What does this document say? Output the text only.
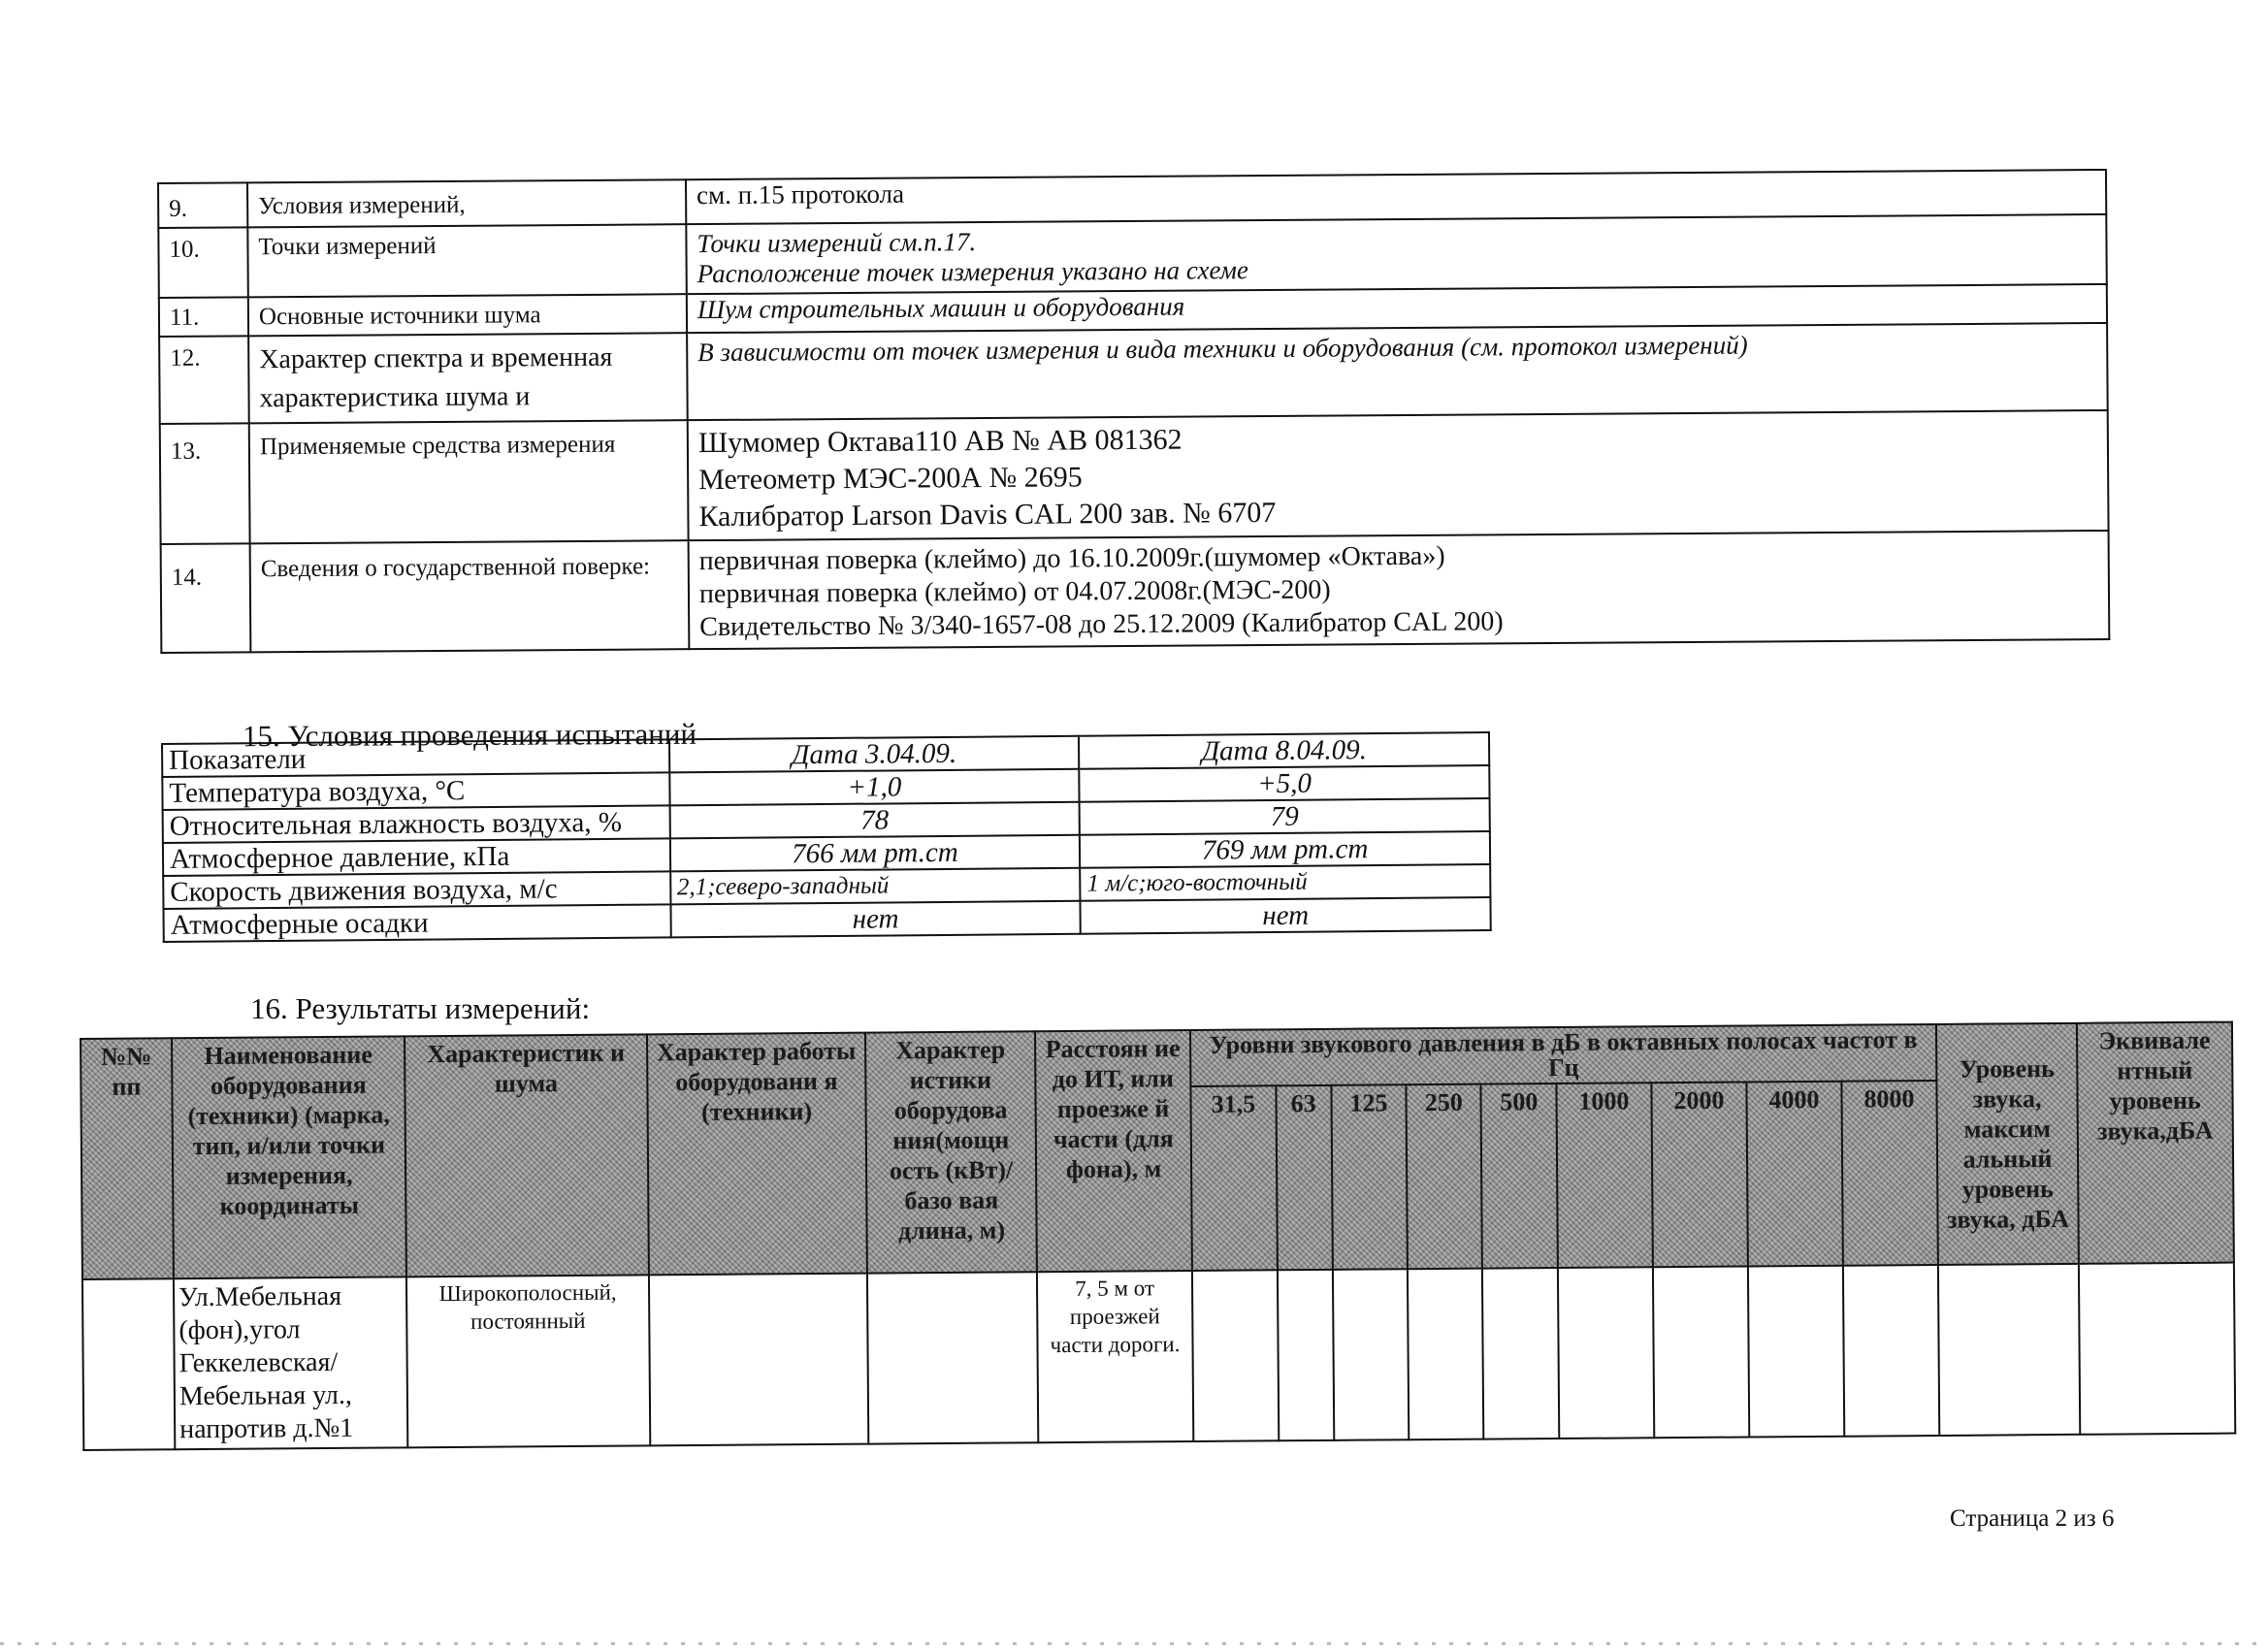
9.	Условия измерений,	см. п.15 протокола

10.	Точки измерений	Точки измерений см.п.17.
Расположение точек измерения указано на схеме

11.	Основные источники шума	Шум строительных машин и оборудования

12.	Характер спектра и временная характеристика шума и	В зависимости от точек измерения и вида техники и оборудования (см. протокол измерений)

13.	Применяемые средства измерения	Шумомер Октава110 АВ № АВ 081362
Метеометр МЭС-200А № 2695
Калибратор Larson Davis CAL 200 зав. № 6707

14.	Сведения о государственной поверке:	первичная поверка (клеймо) до 16.10.2009г.(шумомер «Октава»)
первичная поверка (клеймо) от 04.07.2008г.(МЭС-200)
Свидетельство № 3/340-1657-08 до 25.12.2009 (Калибратор CAL 200)
15. Условия проведения испытаний
Показатели	Дата 3.04.09.	Дата 8.04.09.
Температура воздуха, °С	+1,0	+5,0
Относительная влажность воздуха, %	78	79
Атмосферное давление, кПа	766 мм рт.ст	769 мм рт.ст
Скорость движения воздуха, м/с	2,1;северо-западный	1 м/с;юго-восточный
Атмосферные осадки	нет	нет
16. Результаты измерений:
№№ пп	Наименование оборудования (техники) (марка, тип, и/или точки измерения, координаты	Характеристик и шума	Характер работы оборудовани я (техники)	Характер истики оборудова ния(мощн ость (кВт)/базо вая длина, м)	Расстоян ие до ИТ, или проезже й части (для фона), м	Уровни звукового давления в дБ в октавных полосах частот в Гц									Уровень звука, максим альный уровень звука, дБА	Эквивале нтный уровень звука,дБА
						31,5	63	125	250	500	1000	2000	4000	8000		
	Ул.Мебельная (фон),угол Геккелевская/ Мебельная ул., напротив д.№1	Широкополосный, постоянный			7, 5 м от проезжей части дороги.											
Страница 2 из 6
